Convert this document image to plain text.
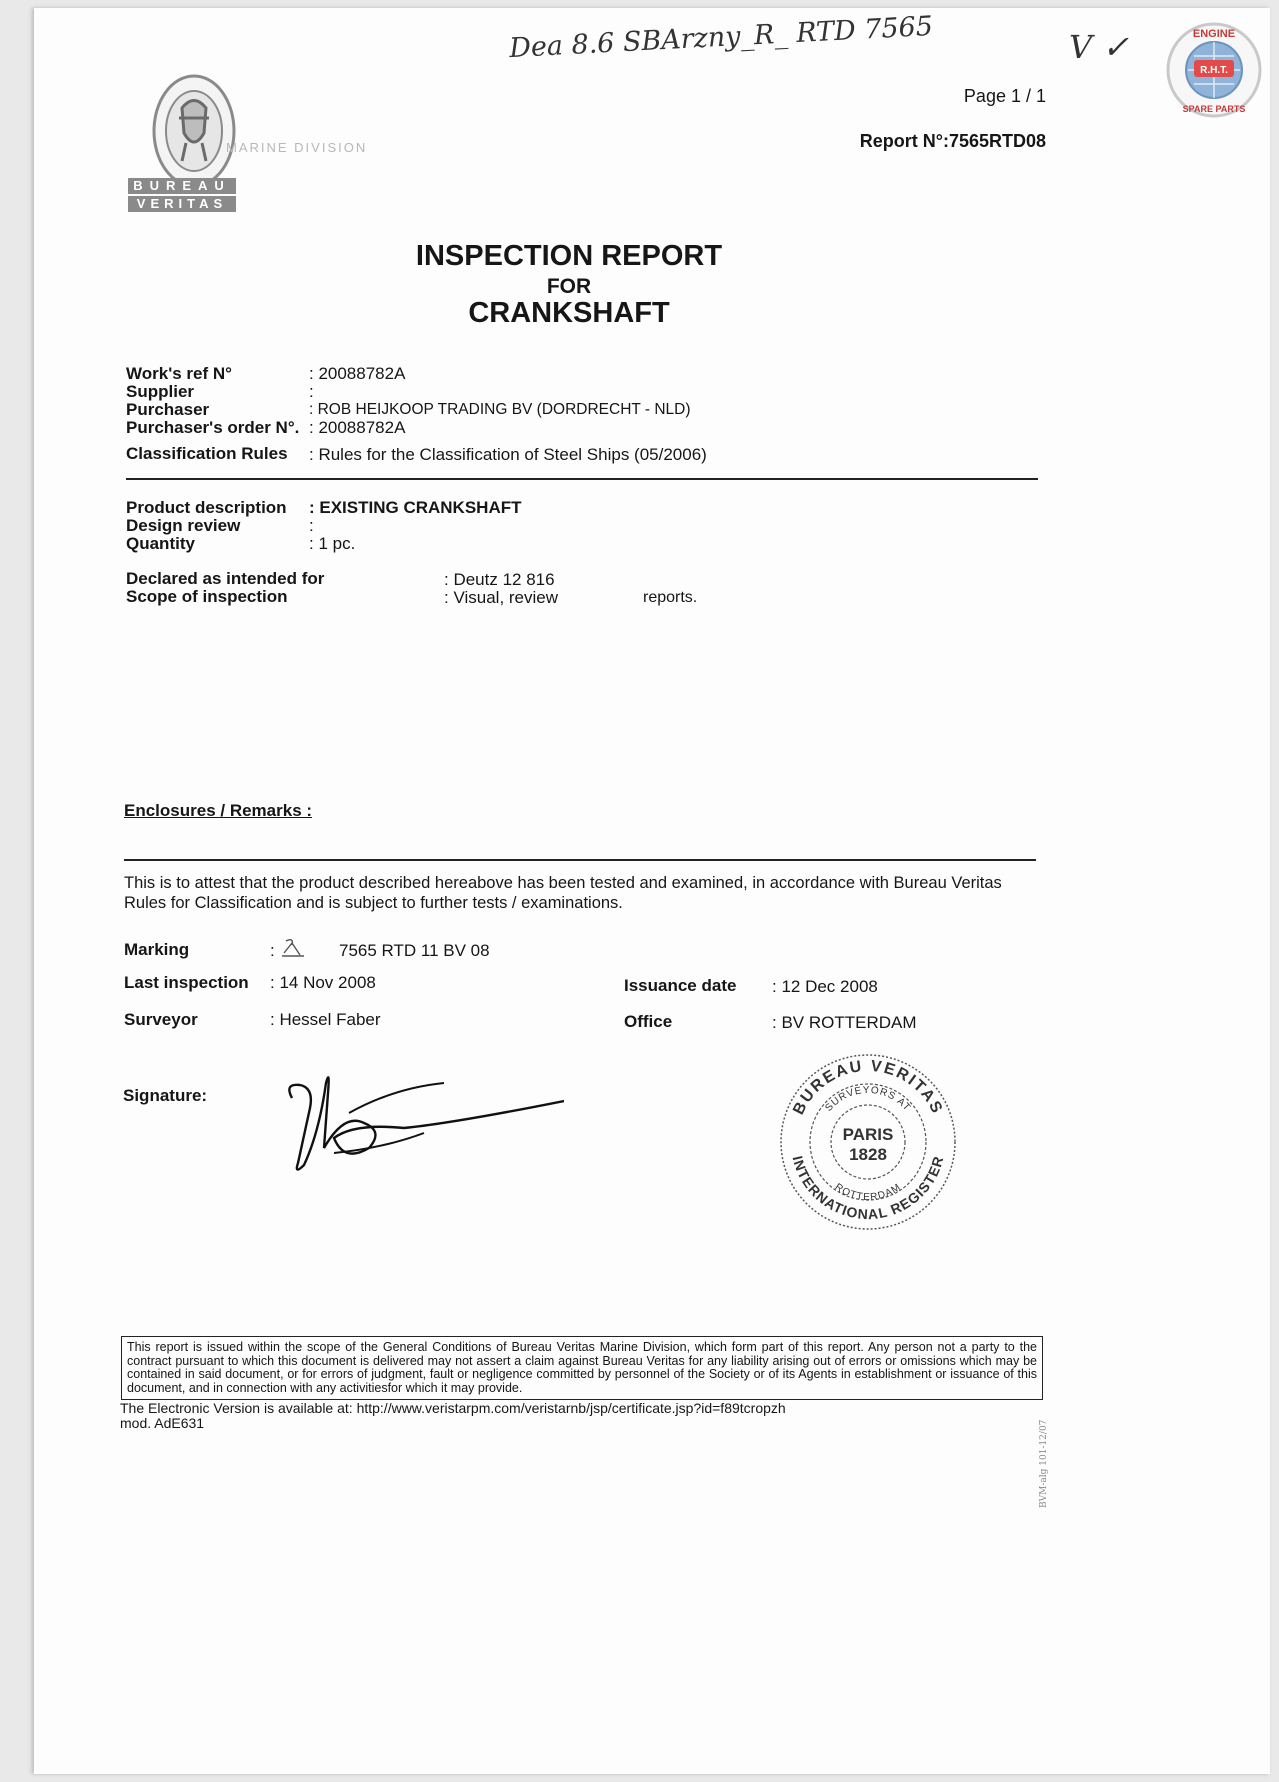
Dea 8.6 SBArzny_R_ RTD 7565	V ✓
R.H.T.
ENGINE
SPARE PARTS
Page 1 / 1
Report N°:7565RTD08
MARINE DIVISION
BUREAU
VERITAS
INSPECTION REPORT
FOR
CRANKSHAFT
Work's ref N°	: 20088782A
Supplier	:
Purchaser	: ROB HEIJKOOP TRADING BV (DORDRECHT - NLD)
Purchaser's order N°. : 20088782A
Classification Rules : Rules for the Classification of Steel Ships (05/2006)
Product description : EXISTING CRANKSHAFT
Design review	:
Quantity	: 1 pc.
Declared as intended for	: Deutz 12 816
Scope of inspection	: Visual, review	reports.
Enclosures / Remarks :
This is to attest that the product described hereabove has been tested and examined, in accordance with Bureau Veritas Rules for Classification and is subject to further tests / examinations.
Marking	:	7565 RTD 11 BV 08
Last inspection : 14 Nov 2008
Surveyor	: Hessel Faber
Issuance date : 12 Dec 2008
Office	: BV ROTTERDAM
Signature:
BUREAU VERITAS
INTERNATIONAL REGISTER
SURVEYORS AT
ROTTERDAM
PARIS
1828
This report is issued within the scope of the General Conditions of Bureau Veritas Marine Division, which form part of this report. Any person not a party to the contract pursuant to which this document is delivered may not assert a claim against Bureau Veritas for any liability arising out of errors or omissions which may be contained in said document, or for errors of judgment, fault or negligence committed by personnel of the Society or of its Agents in establishment or issuance of this document, and in connection with any activitiesfor which it may provide.
The Electronic Version is available at: http://www.veristarpm.com/veristarnb/jsp/certificate.jsp?id=f89tcropzh
mod. AdE631	BVM-alg 101-12/07
